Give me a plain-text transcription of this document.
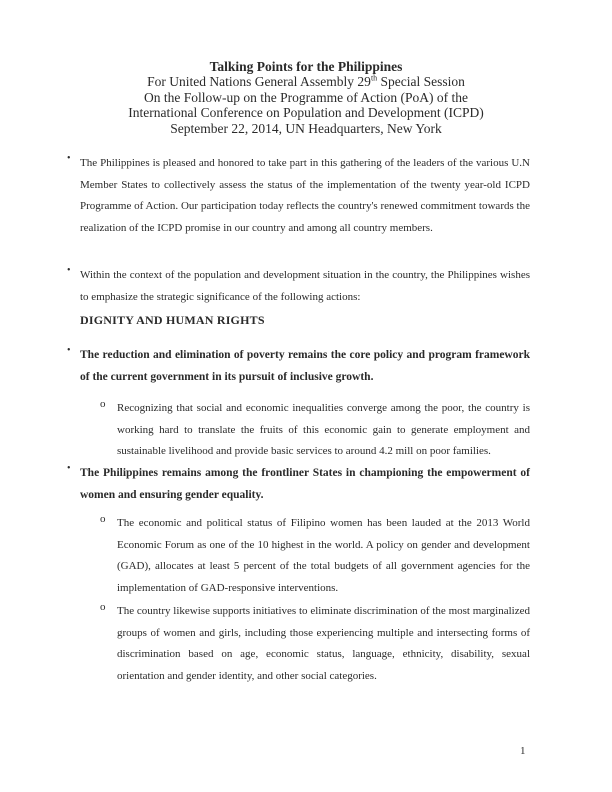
Talking Points for the Philippines
For United Nations General Assembly 29th Special Session
On the Follow-up on the Programme of Action (PoA) of the
International Conference on Population and Development (ICPD)
September 22, 2014, UN Headquarters, New York
• The Philippines is pleased and honored to take part in this gathering of the leaders of the various U.N Member States to collectively assess the status of the implementation of the twenty year-old ICPD Programme of Action. Our participation today reflects the country's renewed commitment towards the realization of the ICPD promise in our country and among all country members.
• Within the context of the population and development situation in the country, the Philippines wishes to emphasize the strategic significance of the following actions:
DIGNITY AND HUMAN RIGHTS
• The reduction and elimination of poverty remains the core policy and program framework of the current government in its pursuit of inclusive growth.
o Recognizing that social and economic inequalities converge among the poor, the country is working hard to translate the fruits of this economic gain to generate employment and sustainable livelihood and provide basic services to around 4.2 mill on poor families.
• The Philippines remains among the frontliner States in championing the empowerment of women and ensuring gender equality.
o The economic and political status of Filipino women has been lauded at the 2013 World Economic Forum as one of the 10 highest in the world. A policy on gender and development (GAD), allocates at least 5 percent of the total budgets of all government agencies for the implementation of GAD-responsive interventions.
o The country likewise supports initiatives to eliminate discrimination of the most marginalized groups of women and girls, including those experiencing multiple and intersecting forms of discrimination based on age, economic status, language, ethnicity, disability, sexual orientation and gender identity, and other social categories.
1
